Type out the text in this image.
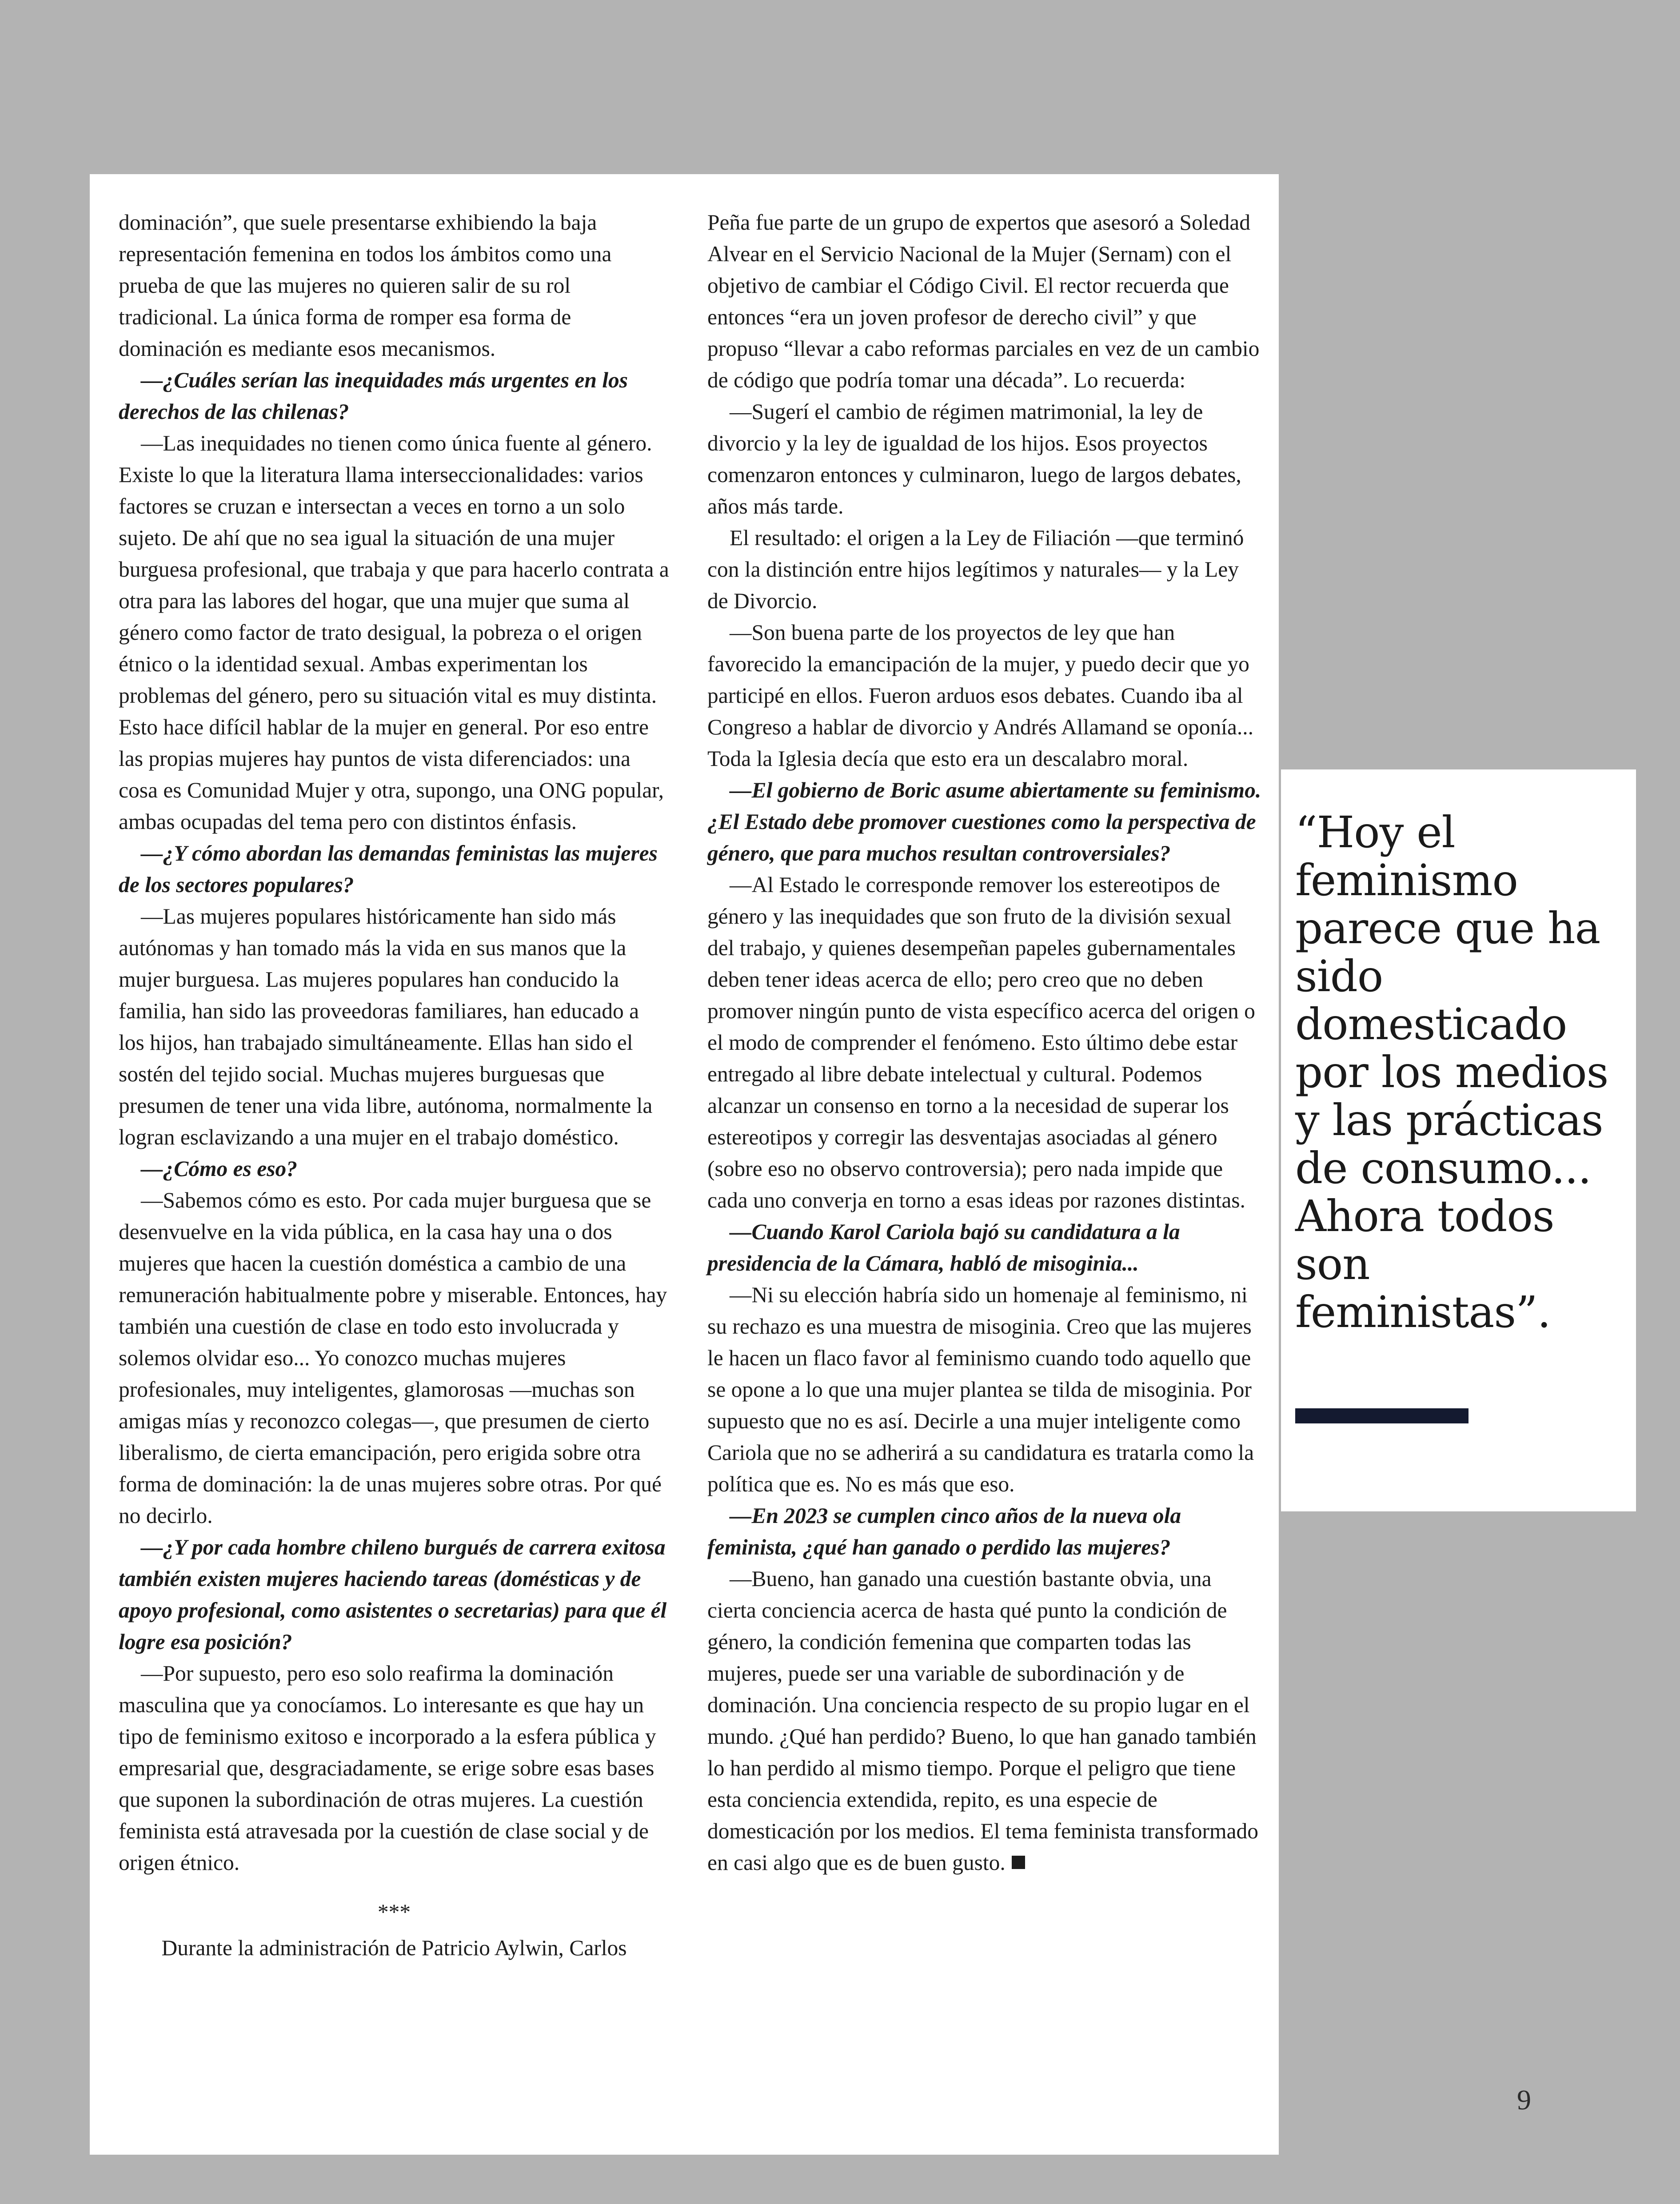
dominación”, que suele presentarse exhibiendo la baja representación femenina en todos los ámbitos como una prueba de que las mujeres no quieren salir de su rol tradicional. La única forma de romper esa forma de dominación es mediante esos mecanismos.

—¿Cuáles serían las inequidades más urgentes en los derechos de las chilenas?

—Las inequidades no tienen como única fuente al género. Existe lo que la literatura llama interseccionalidades: varios factores se cruzan e intersectan a veces en torno a un solo sujeto. De ahí que no sea igual la situación de una mujer burguesa profesional, que trabaja y que para hacerlo contrata a otra para las labores del hogar, que una mujer que suma al género como factor de trato desigual, la pobreza o el origen étnico o la identidad sexual. Ambas experimentan los problemas del género, pero su situación vital es muy distinta. Esto hace difícil hablar de la mujer en general. Por eso entre las propias mujeres hay puntos de vista diferenciados: una cosa es Comunidad Mujer y otra, supongo, una ONG popular, ambas ocupadas del tema pero con distintos énfasis.

—¿Y cómo abordan las demandas feministas las mujeres de los sectores populares?

—Las mujeres populares históricamente han sido más autónomas y han tomado más la vida en sus manos que la mujer burguesa. Las mujeres populares han conducido la familia, han sido las proveedoras familiares, han educado a los hijos, han trabajado simultáneamente. Ellas han sido el sostén del tejido social. Muchas mujeres burguesas que presumen de tener una vida libre, autónoma, normalmente la logran esclavizando a una mujer en el trabajo doméstico.

—¿Cómo es eso?

—Sabemos cómo es esto. Por cada mujer burguesa que se desenvuelve en la vida pública, en la casa hay una o dos mujeres que hacen la cuestión doméstica a cambio de una remuneración habitualmente pobre y miserable. Entonces, hay también una cuestión de clase en todo esto involucrada y solemos olvidar eso... Yo conozco muchas mujeres profesionales, muy inteligentes, glamorosas —muchas son amigas mías y reconozco colegas—, que presumen de cierto liberalismo, de cierta emancipación, pero erigida sobre otra forma de dominación: la de unas mujeres sobre otras. Por qué no decirlo.

—¿Y por cada hombre chileno burgués de carrera exitosa también existen mujeres haciendo tareas (domésticas y de apoyo profesional, como asistentes o secretarias) para que él logre esa posición?

—Por supuesto, pero eso solo reafirma la dominación masculina que ya conocíamos. Lo interesante es que hay un tipo de feminismo exitoso e incorporado a la esfera pública y empresarial que, desgraciadamente, se erige sobre esas bases que suponen la subordinación de otras mujeres. La cuestión feminista está atravesada por la cuestión de clase social y de origen étnico.

***

Durante la administración de Patricio Aylwin, Carlos

Peña fue parte de un grupo de expertos que asesoró a Soledad Alvear en el Servicio Nacional de la Mujer (Sernam) con el objetivo de cambiar el Código Civil. El rector recuerda que entonces “era un joven profesor de derecho civil” y que propuso “llevar a cabo reformas parciales en vez de un cambio de código que podría tomar una década”. Lo recuerda:

—Sugerí el cambio de régimen matrimonial, la ley de divorcio y la ley de igualdad de los hijos. Esos proyectos comenzaron entonces y culminaron, luego de largos debates, años más tarde.

El resultado: el origen a la Ley de Filiación —que terminó con la distinción entre hijos legítimos y naturales— y la Ley de Divorcio.

—Son buena parte de los proyectos de ley que han favorecido la emancipación de la mujer, y puedo decir que yo participé en ellos. Fueron arduos esos debates. Cuando iba al Congreso a hablar de divorcio y Andrés Allamand se oponía... Toda la Iglesia decía que esto era un descalabro moral.

—El gobierno de Boric asume abiertamente su feminismo. ¿El Estado debe promover cuestiones como la perspectiva de género, que para muchos resultan controversiales?

—Al Estado le corresponde remover los estereotipos de género y las inequidades que son fruto de la división sexual del trabajo, y quienes desempeñan papeles gubernamentales deben tener ideas acerca de ello; pero creo que no deben promover ningún punto de vista específico acerca del origen o el modo de comprender el fenómeno. Esto último debe estar entregado al libre debate intelectual y cultural. Podemos alcanzar un consenso en torno a la necesidad de superar los estereotipos y corregir las desventajas asociadas al género (sobre eso no observo controversia); pero nada impide que cada uno converja en torno a esas ideas por razones distintas.

—Cuando Karol Cariola bajó su candidatura a la presidencia de la Cámara, habló de misoginia...

—Ni su elección habría sido un homenaje al feminismo, ni su rechazo es una muestra de misoginia. Creo que las mujeres le hacen un flaco favor al feminismo cuando todo aquello que se opone a lo que una mujer plantea se tilda de misoginia. Por supuesto que no es así. Decirle a una mujer inteligente como Cariola que no se adherirá a su candidatura es tratarla como la política que es. No es más que eso.

—En 2023 se cumplen cinco años de la nueva ola feminista, ¿qué han ganado o perdido las mujeres?

—Bueno, han ganado una cuestión bastante obvia, una cierta conciencia acerca de hasta qué punto la condición de género, la condición femenina que comparten todas las mujeres, puede ser una variable de subordinación y de dominación. Una conciencia respecto de su propio lugar en el mundo. ¿Qué han perdido? Bueno, lo que han ganado también lo han perdido al mismo tiempo. Porque el peligro que tiene esta conciencia extendida, repito, es una especie de domesticación por los medios. El tema feminista transformado en casi algo que es de buen gusto.

“Hoy el feminismo parece que ha sido domesticado por los medios y las prácticas de consumo... Ahora todos son feministas”.

9
